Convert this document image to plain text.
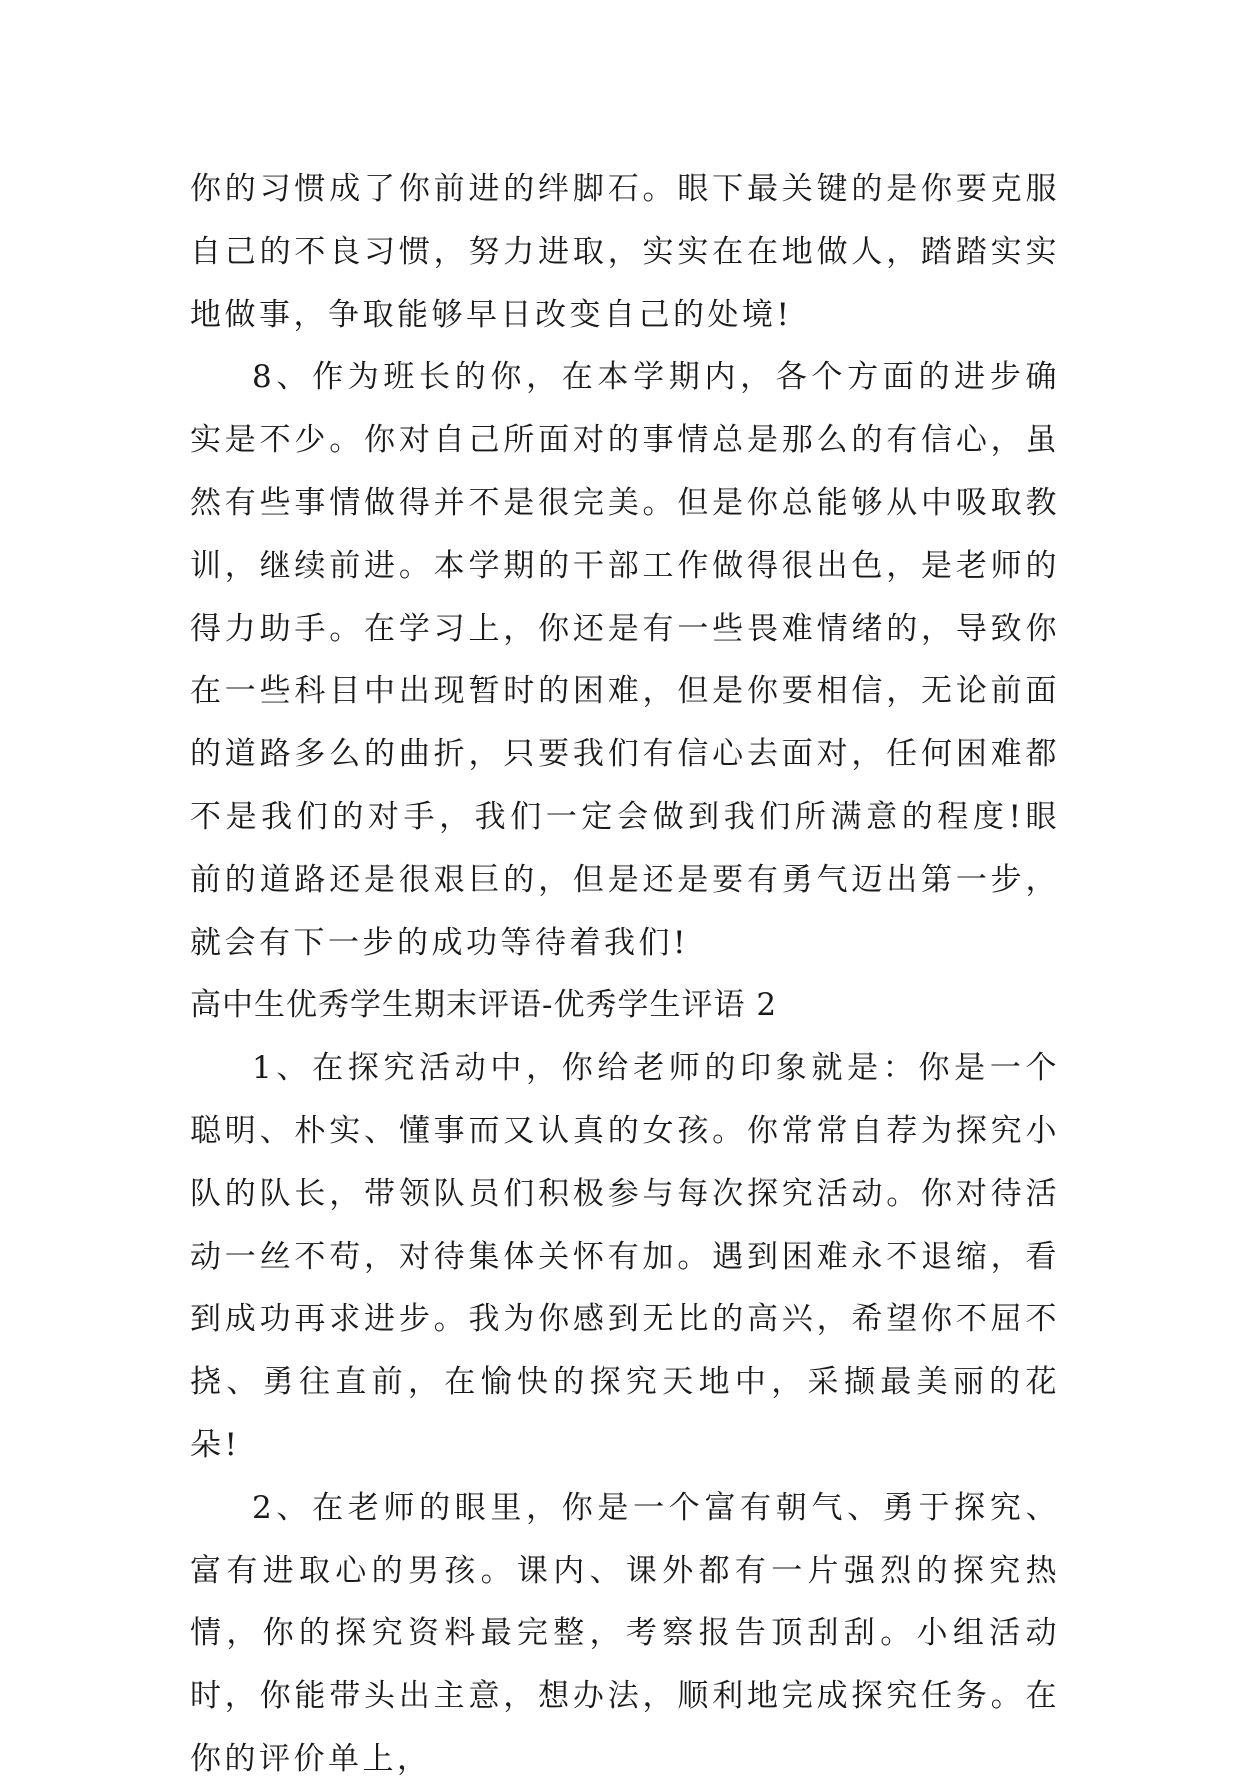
你的习惯成了你前进的绊脚石。眼下最关键的是你要克服自己的不良习惯，努力进取，实实在在地做人，踏踏实实地做事，争取能够早日改变自己的处境!

8、作为班长的你，在本学期内，各个方面的进步确实是不少。你对自己所面对的事情总是那么的有信心，虽然有些事情做得并不是很完美。但是你总能够从中吸取教训，继续前进。本学期的干部工作做得很出色，是老师的得力助手。在学习上，你还是有一些畏难情绪的，导致你在一些科目中出现暂时的困难，但是你要相信，无论前面的道路多么的曲折，只要我们有信心去面对，任何困难都不是我们的对手，我们一定会做到我们所满意的程度!眼前的道路还是很艰巨的，但是还是要有勇气迈出第一步，就会有下一步的成功等待着我们!

高中生优秀学生期末评语-优秀学生评语 2

1、在探究活动中，你给老师的印象就是：你是一个聪明、朴实、懂事而又认真的女孩。你常常自荐为探究小队的队长，带领队员们积极参与每次探究活动。你对待活动一丝不苟，对待集体关怀有加。遇到困难永不退缩，看到成功再求进步。我为你感到无比的高兴，希望你不屈不挠、勇往直前，在愉快的探究天地中，采撷最美丽的花朵!

2、在老师的眼里，你是一个富有朝气、勇于探究、富有进取心的男孩。课内、课外都有一片强烈的探究热情，你的探究资料最完整，考察报告顶刮刮。小组活动时，你能带头出主意，想办法，顺利地完成探究任务。在你的评价单上，
